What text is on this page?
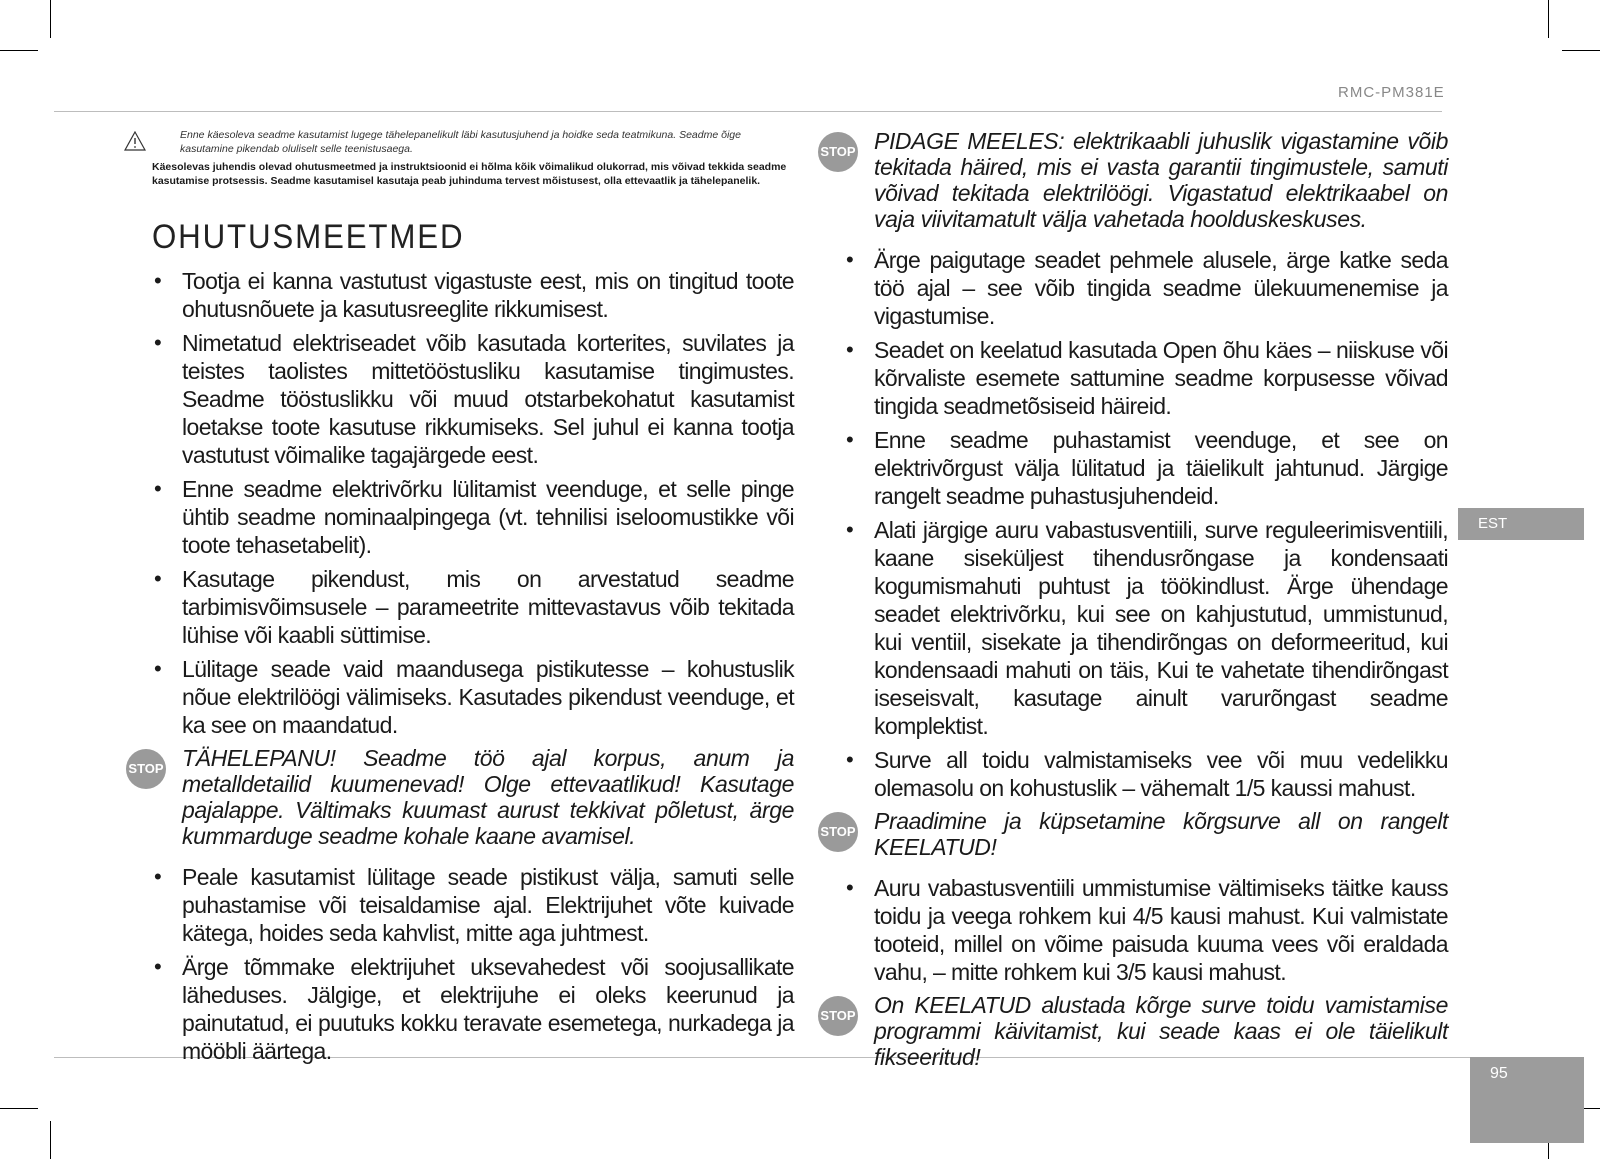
RMC-PM381E
EST
95

Enne käesoleva seadme kasutamist lugege tähelepanelikult läbi kasutusjuhend ja hoidke seda teatmikuna. Seadme õige kasutamine pikendab oluliselt selle teenistusaega.

Käesolevas juhendis olevad ohutusmeetmed ja instruktsioonid ei hõlma kõik võimalikud olukorrad, mis võivad tekkida seadme kasutamise protsessis. Seadme kasutamisel kasutaja peab juhinduma tervest mõistusest, olla ettevaatlik ja tähelepanelik.

OHUTUSMEETMED
• Tootja ei kanna vastutust vigastuste eest, mis on tingitud toote ohutusnõuete ja kasutusreeglite rikkumisest.
• Nimetatud elektriseadet võib kasutada korterites, suvilates ja teistes taolistes mittetööstusliku kasutamise tingimustes. Seadme tööstuslikku või muud otstarbekohatut kasutamist loetakse toote kasutuse rikkumiseks. Sel juhul ei kanna tootja vastutust võimalike tagajärgede eest.
• Enne seadme elektrivõrku lülitamist veenduge, et selle pinge ühtib seadme nominaalpingega (vt. tehnilisi iseloomustikke või toote tehasetabelit).
• Kasutage pikendust, mis on arvestatud seadme tarbimisvõimsusele – parameetrite mittevastavus võib tekitada lühise või kaabli süttimise.
• Lülitage seade vaid maandusega pistikutesse – kohustuslik nõue elektrilöögi välimiseks. Kasutades pikendust veenduge, et ka see on maandatud.
STOP TÄHELEPANU! Seadme töö ajal korpus, anum ja metalldetailid kuumenevad! Olge ettevaatlikud! Kasutage pajalappe. Vältimaks kuumast aurust tekkivat põletust, ärge kummarduge seadme kohale kaane avamisel.
• Peale kasutamist lülitage seade pistikust välja, samuti selle puhastamise või teisaldamise ajal. Elektrijuhet võte kuivade kätega, hoides seda kahvlist, mitte aga juhtmest.
• Ärge tõmmake elektrijuhet uksevahedest või soojusallikate läheduses. Jälgige, et elektrijuhe ei oleks keerunud ja painutatud, ei puutuks kokku teravate esemetega, nurkadega ja mööbli äärtega.
STOP PIDAGE MEELES: elektrikaabli juhuslik vigastamine võib tekitada häired, mis ei vasta garantii tingimustele, samuti võivad tekitada elektrilöögi. Vigastatud elektrikaabel on vaja viivitamatult välja vahetada hoolduskeskuses.
• Ärge paigutage seadet pehmele alusele, ärge katke seda töö ajal – see võib tingida seadme ülekuumenemise ja vigastumise.
• Seadet on keelatud kasutada Open õhu käes – niiskuse või kõrvaliste esemete sattumine seadme korpusesse võivad tingida seadmetõsiseid häireid.
• Enne seadme puhastamist veenduge, et see on elektrivõrgust välja lülitatud ja täielikult jahtunud. Järgige rangelt seadme puhastusjuhendeid.
• Alati järgige auru vabastusventiili, surve reguleerimisventiili, kaane siseküljest tihendusrõngase ja kondensaati kogumismahuti puhtust ja töökindlust. Ärge ühendage seadet elektrivõrku, kui see on kahjustutud, ummistunud, kui ventiil, sisekate ja tihendirõngas on deformeeritud, kui kondensaadi mahuti on täis, Kui te vahetate tihendirõngast iseseisvalt, kasutage ainult varurõngast seadme komplektist.
• Surve all toidu valmistamiseks vee või muu vedelikku olemasolu on kohustuslik – vähemalt 1/5 kaussi mahust.
STOP Praadimine ja küpsetamine kõrgsurve all on rangelt KEELATUD!
• Auru vabastusventiili ummistumise vältimiseks täitke kauss toidu ja veega rohkem kui 4/5 kausi mahust. Kui valmistate tooteid, millel on võime paisuda kuuma vees või eraldada vahu, – mitte rohkem kui 3/5 kausi mahust.
STOP On KEELATUD alustada kõrge surve toidu vamistamise programmi käivitamist, kui seade kaas ei ole täielikult fikseeritud!
